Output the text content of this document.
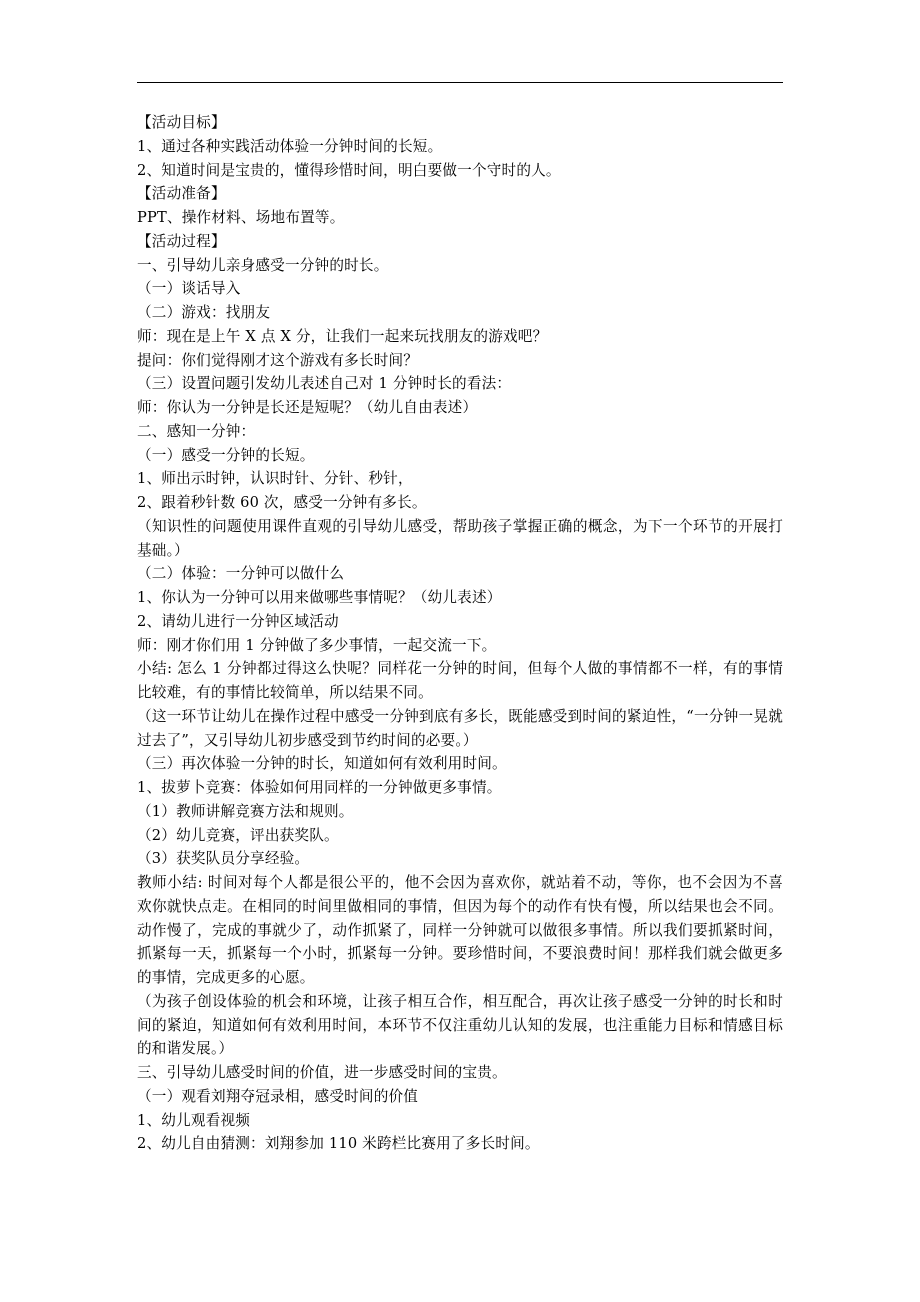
【活动目标】
1、通过各种实践活动体验一分钟时间的长短。
2、知道时间是宝贵的，懂得珍惜时间，明白要做一个守时的人。
【活动准备】
PPT、操作材料、场地布置等。
【活动过程】
一、引导幼儿亲身感受一分钟的时长。
（一）谈话导入
（二）游戏：找朋友
师：现在是上午 X 点 X 分，让我们一起来玩找朋友的游戏吧？
提问：你们觉得刚才这个游戏有多长时间？
（三）设置问题引发幼儿表述自己对 1 分钟时长的看法：
师：你认为一分钟是长还是短呢？（幼儿自由表述）
二、感知一分钟：
（一）感受一分钟的长短。
1、师出示时钟，认识时针、分针、秒针，
2、跟着秒针数 60 次，感受一分钟有多长。
（知识性的问题使用课件直观的引导幼儿感受，帮助孩子掌握正确的概念，为下一个环节的开展打基础。）
（二）体验：一分钟可以做什么
1、你认为一分钟可以用来做哪些事情呢？（幼儿表述）
2、请幼儿进行一分钟区域活动
师：刚才你们用 1 分钟做了多少事情，一起交流一下。
小结: 怎么 1 分钟都过得这么快呢？同样花一分钟的时间，但每个人做的事情都不一样，有的事情比较难，有的事情比较简单，所以结果不同。
（这一环节让幼儿在操作过程中感受一分钟到底有多长，既能感受到时间的紧迫性，“一分钟一晃就过去了”，又引导幼儿初步感受到节约时间的必要。）
（三）再次体验一分钟的时长，知道如何有效利用时间。
1、拔萝卜竞赛：体验如何用同样的一分钟做更多事情。
（1）教师讲解竞赛方法和规则。
（2）幼儿竞赛，评出获奖队。
（3）获奖队员分享经验。
教师小结: 时间对每个人都是很公平的，他不会因为喜欢你，就站着不动，等你，也不会因为不喜欢你就快点走。在相同的时间里做相同的事情，但因为每个的动作有快有慢，所以结果也会不同。动作慢了，完成的事就少了，动作抓紧了，同样一分钟就可以做很多事情。所以我们要抓紧时间，抓紧每一天，抓紧每一个小时，抓紧每一分钟。要珍惜时间，不要浪费时间！那样我们就会做更多的事情，完成更多的心愿。
（为孩子创设体验的机会和环境，让孩子相互合作，相互配合，再次让孩子感受一分钟的时长和时间的紧迫，知道如何有效利用时间，本环节不仅注重幼儿认知的发展，也注重能力目标和情感目标的和谐发展。）
三、引导幼儿感受时间的价值，进一步感受时间的宝贵。
（一）观看刘翔夺冠录相，感受时间的价值
1、幼儿观看视频
2、幼儿自由猜测：刘翔参加 110 米跨栏比赛用了多长时间。
